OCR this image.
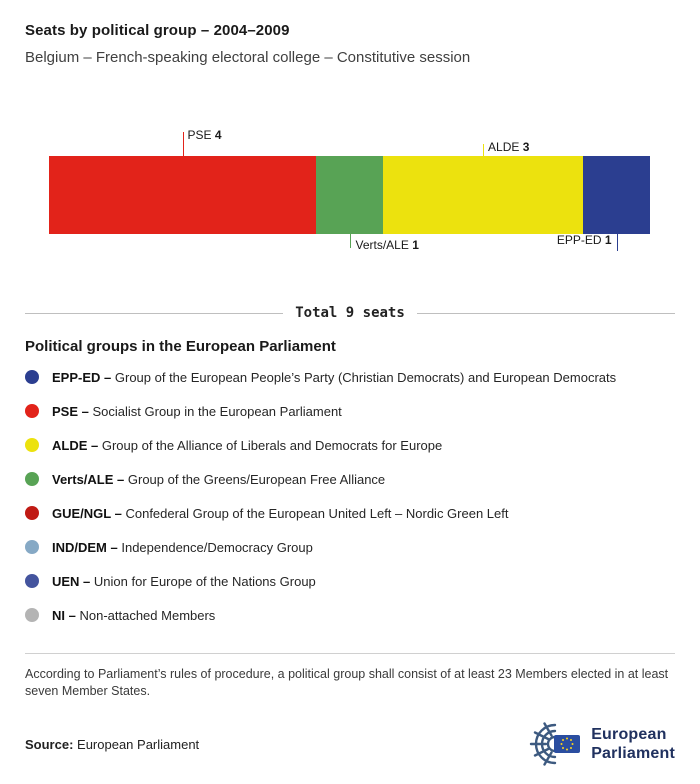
Seats by political group – 2004–2009
Belgium – French-speaking electoral college – Constitutive session
PSE 4
Verts/ALE 1
ALDE 3
EPP-ED 1
Total 9 seats
Political groups in the European Parliament
EPP-ED – Group of the European People’s Party (Christian Democrats) and European Democrats
PSE – Socialist Group in the European Parliament
ALDE – Group of the Alliance of Liberals and Democrats for Europe
Verts/ALE – Group of the Greens/European Free Alliance
GUE/NGL – Confederal Group of the European United Left – Nordic Green Left
IND/DEM – Independence/Democracy Group
UEN – Union for Europe of the Nations Group
NI – Non-attached Members
According to Parliament’s rules of procedure, a political group shall consist of at least 23 Members elected in at least seven Member States.
Source: European Parliament
European
Parliament
